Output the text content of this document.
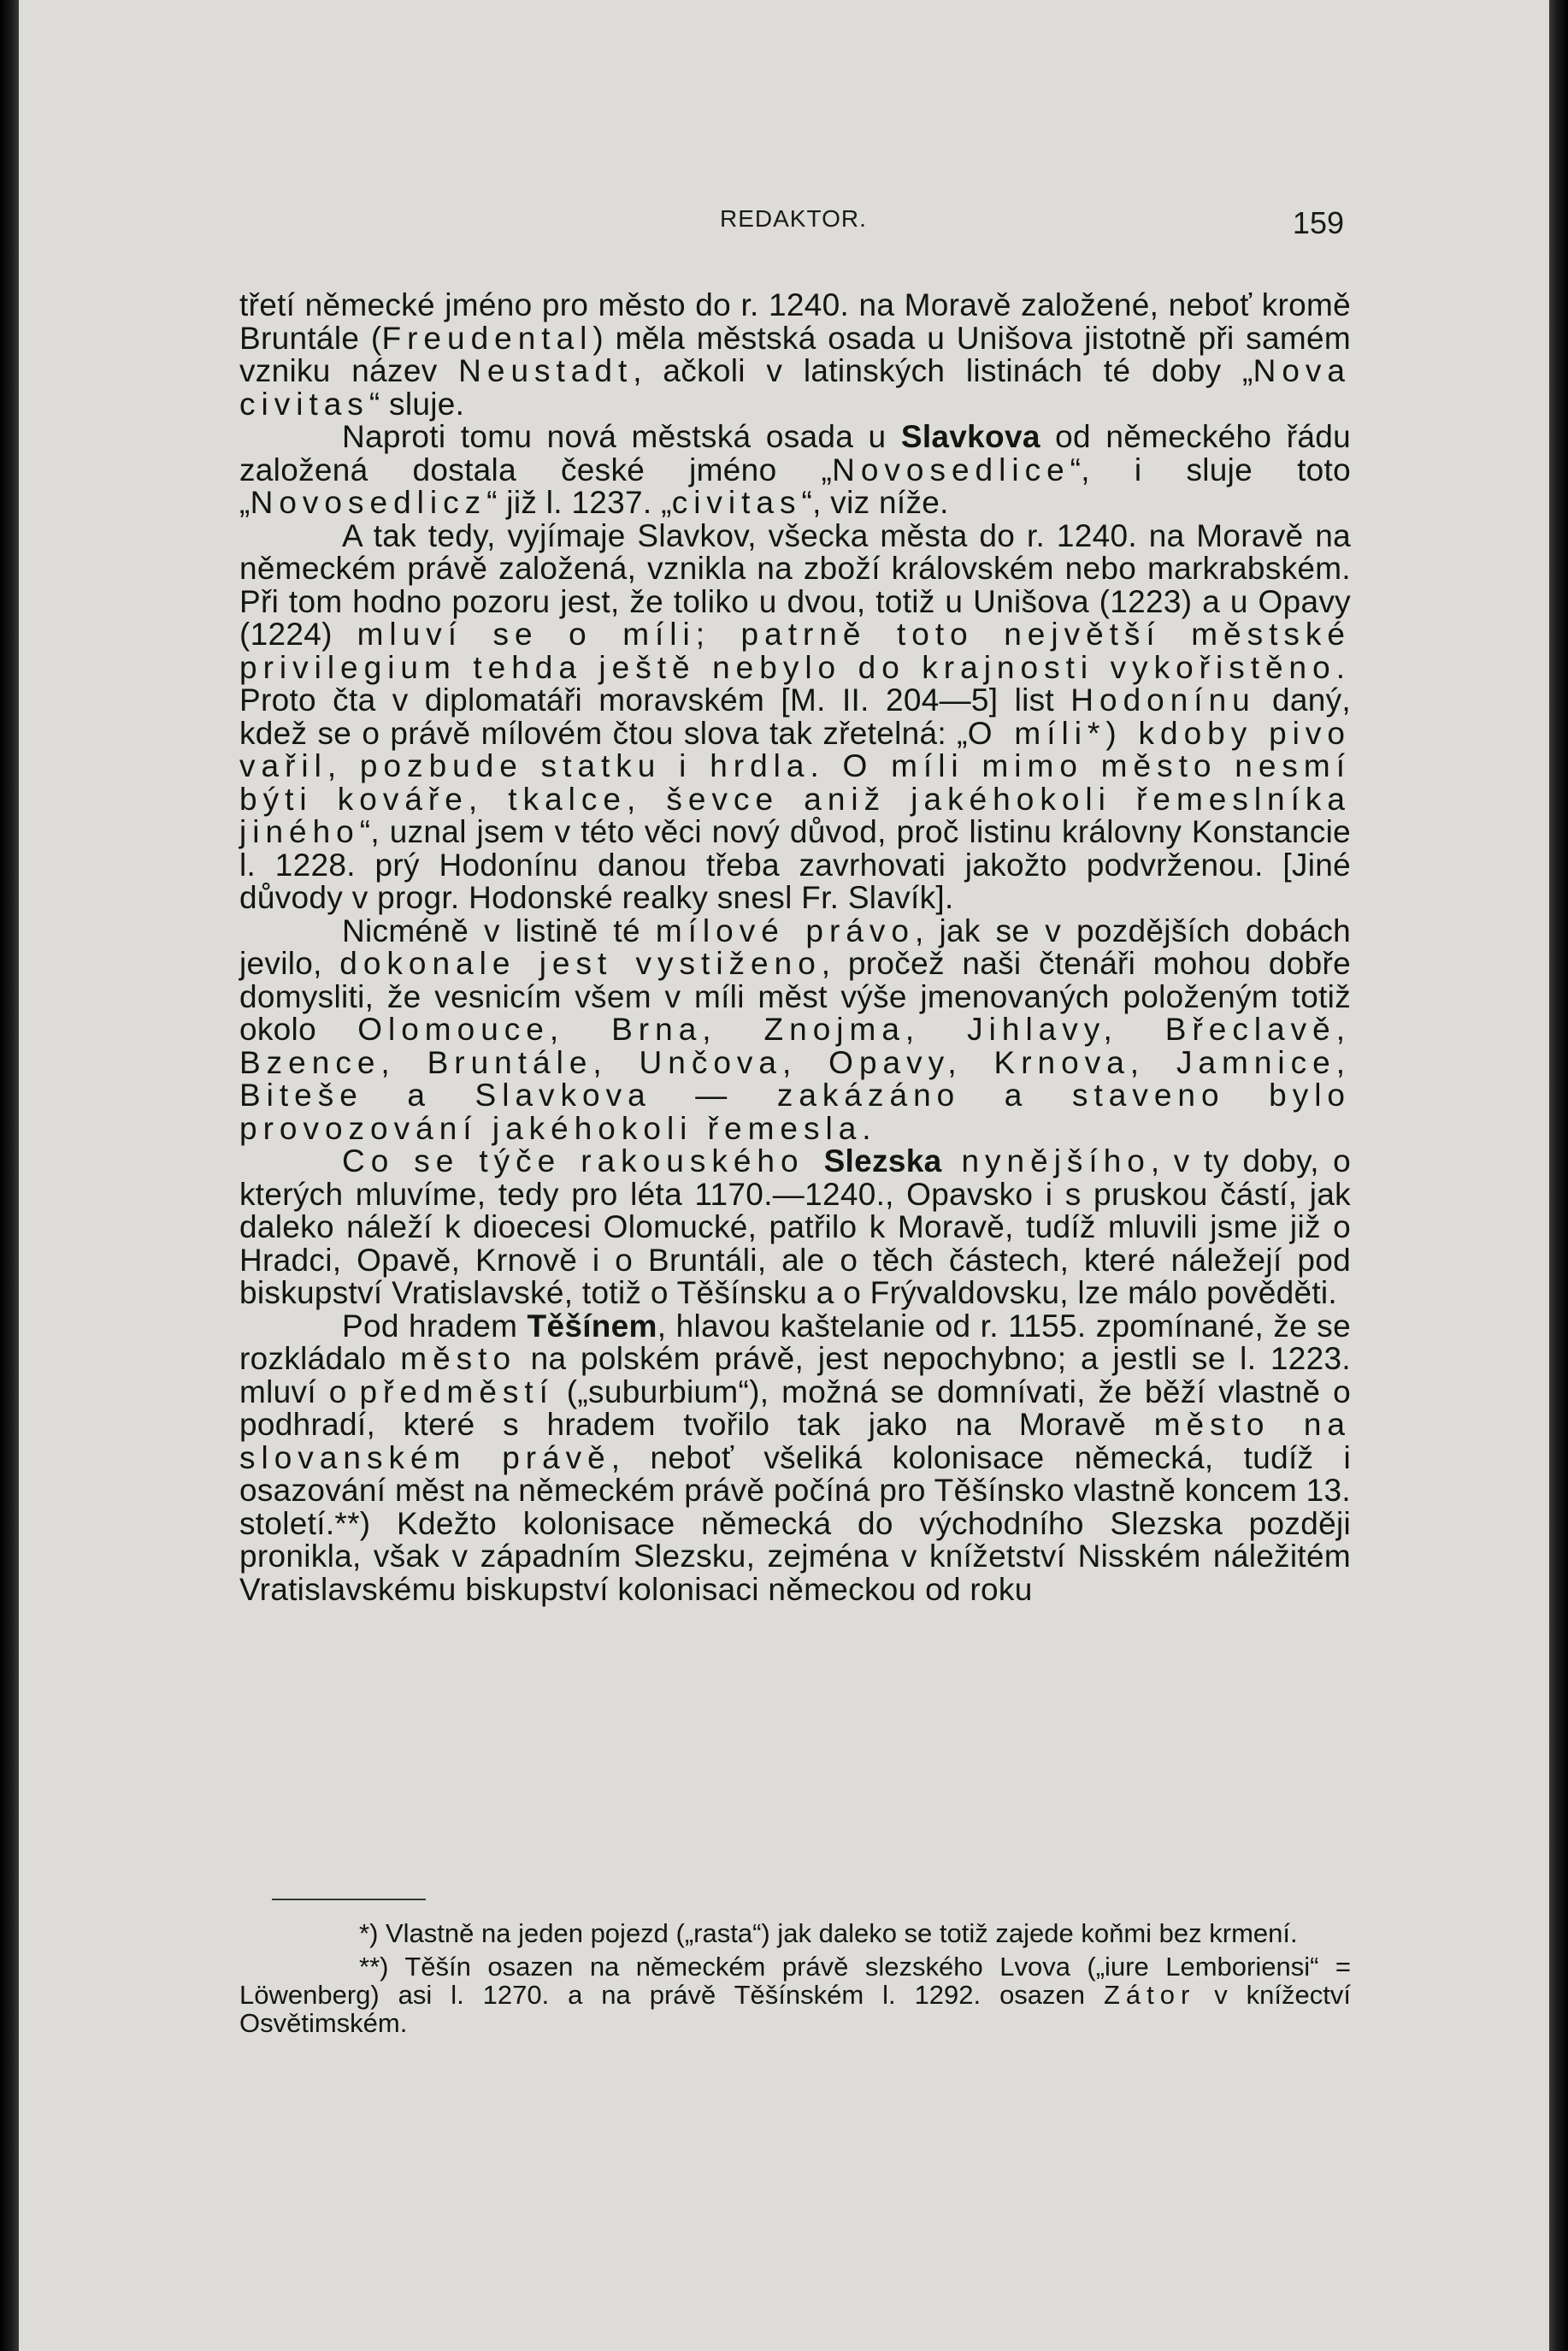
REDAKTOR.	159

třetí německé jméno pro město do r. 1240. na Moravě založené, neboť kromě Bruntále (Freudental) měla městská osada u Unišova jistotně při samém vzniku název Neustadt, ačkoli v latinských listinách té doby „Nova civitas“ sluje.

Naproti tomu nová městská osada u Slavkova od německého řádu založená dostala české jméno „Novosedlice“, i sluje toto „Novosedlicz“ již l. 1237. „civitas“, viz níže.

A tak tedy, vyjímaje Slavkov, všecka města do r. 1240. na Moravě na německém právě založená, vznikla na zboží královském nebo markrabském. Při tom hodno pozoru jest, že toliko u dvou, totiž u Unišova (1223) a u Opavy (1224) mluví se o míli; patrně toto největší městské privilegium tehda ještě nebylo do krajnosti vykořistěno. Proto čta v diplomatáři moravském [M. II. 204—5] list Hodonínu daný, kdež se o právě mílovém čtou slova tak zřetelná: „O míli*) kdoby pivo vařil, pozbude statku i hrdla. O míli mimo město nesmí býti kováře, tkalce, ševce aniž jakéhokoli řemeslníka jiného“, uznal jsem v této věci nový důvod, proč listinu královny Konstancie l. 1228. prý Hodonínu danou třeba zavrhovati jakožto podvrženou. [Jiné důvody v progr. Hodonské realky snesl Fr. Slavík].

Nicméně v listině té mílové právo, jak se v pozdějších dobách jevilo, dokonale jest vystiženo, pročež naši čtenáři mohou dobře domysliti, že vesnicím všem v míli měst výše jmenovaných položeným totiž okolo Olomouce, Brna, Znojma, Jihlavy, Břeclavě, Bzence, Bruntále, Unčova, Opavy, Krnova, Jamnice, Biteše a Slavkova — zakázáno a staveno bylo provozování jakéhokoli řemesla.

Co se týče rakouského Slezska nynějšího, v ty doby, o kterých mluvíme, tedy pro léta 1170.—1240., Opavsko i s pruskou částí, jak daleko náleží k dioecesi Olomucké, patřilo k Moravě, tudíž mluvili jsme již o Hradci, Opavě, Krnově i o Bruntáli, ale o těch částech, které náležejí pod biskupství Vratislavské, totiž o Těšínsku a o Frývaldovsku, lze málo pověděti.

Pod hradem Těšínem, hlavou kaštelanie od r. 1155. zpomínané, že se rozkládalo město na polském právě, jest nepochybno; a jestli se l. 1223. mluví o předměstí („suburbium“), možná se domnívati, že běží vlastně o podhradí, které s hradem tvořilo tak jako na Moravě město na slovanském právě, neboť všeliká kolonisace německá, tudíž i osazování měst na německém právě počíná pro Těšínsko vlastně koncem 13. století.**) Kdežto kolonisace německá do východního Slezska později pronikla, však v západním Slezsku, zejména v knížetství Nisském náležitém Vratislavskému biskupství kolonisaci německou od roku

*) Vlastně na jeden pojezd („rasta“) jak daleko se totiž zajede koňmi bez krmení.

**) Těšín osazen na německém právě slezského Lvova („iure Lemboriensi“ = Löwenberg) asi l. 1270. a na právě Těšínském l. 1292. osazen Zátor v knížectví Osvětimském.
